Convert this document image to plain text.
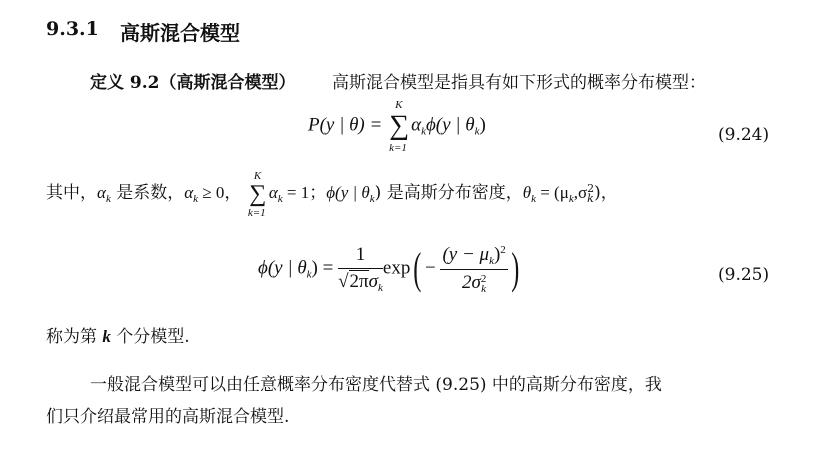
9.3.1 高斯混合模型
定义 9.2（高斯混合模型） 高斯混合模型是指具有如下形式的概率分布模型：
P(y | θ) =
K
∑
k=1
$\alpha_k\phi(y$ | $\theta_k$)	(9.24)
其中，$\alpha_k$ 是系数，$\alpha_k \ge 0$，
K
∑
k=1
$\alpha_k = 1$；ϕ(y | $\theta_k$) 是高斯分布密度，$\theta_k = (\mu_k,\sigma$ 2
k )，
ϕ(y | $\theta_k) = \frac{1}{√2\pi\sigma_k} \exp( - (y - \mu_k)^2$
2σ 2
k )	(9.25)
称为第 k 个分模型.
一般混合模型可以由任意概率分布密度代替式 (9.25) 中的高斯分布密度，我
们只介绍最常用的高斯混合模型.
